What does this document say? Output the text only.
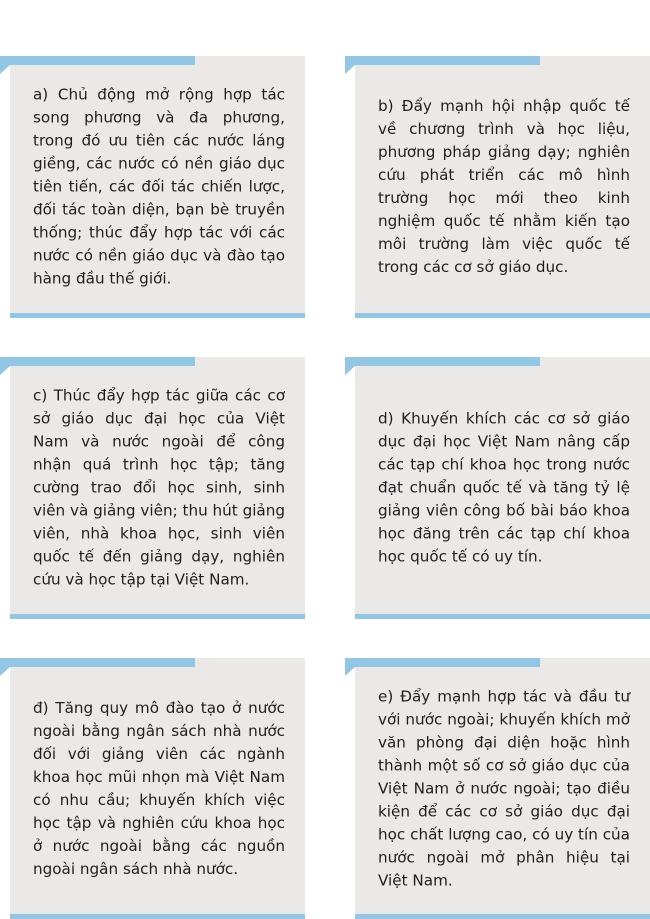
a) Chủ động mở rộng hợp tác song phương và đa phương, trong đó ưu tiên các nước láng giềng, các nước có nền giáo dục tiên tiến, các đối tác chiến lược, đối tác toàn diện, bạn bè truyền thống; thúc đẩy hợp tác với các nước có nền giáo dục và đào tạo hàng đầu thế giới.
b) Đẩy mạnh hội nhập quốc tế về chương trình và học liệu, phương pháp giảng dạy; nghiên cứu phát triển các mô hình trường học mới theo kinh nghiệm quốc tế nhằm kiến tạo môi trường làm việc quốc tế trong các cơ sở giáo dục.
c) Thúc đẩy hợp tác giữa các cơ sở giáo dục đại học của Việt Nam và nước ngoài để công nhận quá trình học tập; tăng cường trao đổi học sinh, sinh viên và giảng viên; thu hút giảng viên, nhà khoa học, sinh viên quốc tế đến giảng dạy, nghiên cứu và học tập tại Việt Nam.
d) Khuyến khích các cơ sở giáo dục đại học Việt Nam nâng cấp các tạp chí khoa học trong nước đạt chuẩn quốc tế và tăng tỷ lệ giảng viên công bố bài báo khoa học đăng trên các tạp chí khoa học quốc tế có uy tín.
đ) Tăng quy mô đào tạo ở nước ngoài bằng ngân sách nhà nước đối với giảng viên các ngành khoa học mũi nhọn mà Việt Nam có nhu cầu; khuyến khích việc học tập và nghiên cứu khoa học ở nước ngoài bằng các nguồn ngoài ngân sách nhà nước.
e) Đẩy mạnh hợp tác và đầu tư với nước ngoài; khuyến khích mở văn phòng đại diện hoặc hình thành một số cơ sở giáo dục của Việt Nam ở nước ngoài; tạo điều kiện để các cơ sở giáo dục đại học chất lượng cao, có uy tín của nước ngoài mở phân hiệu tại Việt Nam.
